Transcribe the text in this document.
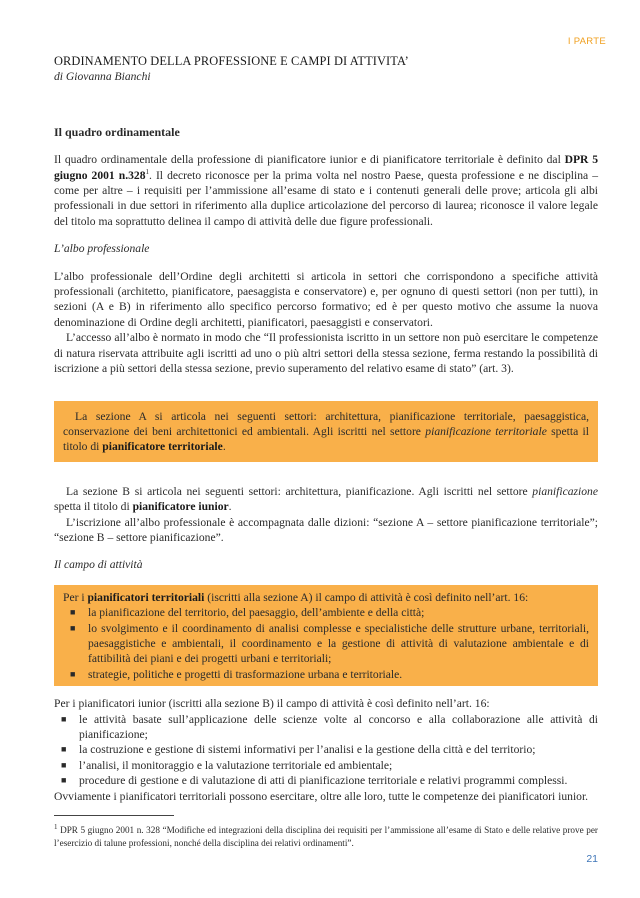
I PARTE
ORDINAMENTO DELLA PROFESSIONE E CAMPI DI ATTIVITA’

di Giovanna Bianchi

Il quadro ordinamentale

Il quadro ordinamentale della professione di pianificatore iunior e di pianificatore territoriale è definito dal DPR 5 giugno 2001 n.328$^1$. Il decreto riconosce per la prima volta nel nostro Paese, questa professione e ne disciplina – come per altre – i requisiti per l’ammissione all’esame di stato e i contenuti generali delle prove; articola gli albi professionali in due settori in riferimento alla duplice articolazione del percorso di laurea; riconosce il valore legale del titolo ma soprattutto delinea il campo di attività delle due figure professionali.

L’albo professionale

L’albo professionale dell’Ordine degli architetti si articola in settori che corrispondono a specifiche attività professionali (architetto, pianificatore, paesaggista e conservatore) e, per ognuno di questi settori (non per tutti), in sezioni (A e B) in riferimento allo specifico percorso formativo; ed è per questo motivo che assume la nuova denominazione di Ordine degli architetti, pianificatori, paesaggisti e conservatori.

L’accesso all’albo è normato in modo che “Il professionista iscritto in un settore non può esercitare le competenze di natura riservata attribuite agli iscritti ad uno o più altri settori della stessa sezione, ferma restando la possibilità di iscrizione a più settori della stessa sezione, previo superamento del relativo esame di stato” (art. 3).

La sezione A si articola nei seguenti settori: architettura, pianificazione territoriale, paesaggistica, conservazione dei beni architettonici ed ambientali. Agli iscritti nel settore pianificazione territoriale spetta il titolo di pianificatore territoriale.

La sezione B si articola nei seguenti settori: architettura, pianificazione. Agli iscritti nel settore pianificazione spetta il titolo di pianificatore iunior.

L’iscrizione all’albo professionale è accompagnata dalle dizioni: “sezione A – settore pianificazione territoriale”; “sezione B – settore pianificazione”.

Il campo di attività

Per i pianificatori territoriali (iscritti alla sezione A) il campo di attività è così definito nell’art. 16:

■ la pianificazione del territorio, del paesaggio, dell’ambiente e della città;
■ lo svolgimento e il coordinamento di analisi complesse e specialistiche delle strutture urbane, territoriali, paesaggistiche e ambientali, il coordinamento e la gestione di attività di valutazione ambientale e di fattibilità dei piani e dei progetti urbani e territoriali;
■ strategie, politiche e progetti di trasformazione urbana e territoriale.

Per i pianificatori iunior (iscritti alla sezione B) il campo di attività è così definito nell’art. 16:

■ le attività basate sull’applicazione delle scienze volte al concorso e alla collaborazione alle attività di pianificazione;
■ la costruzione e gestione di sistemi informativi per l’analisi e la gestione della città e del territorio;
■ l’analisi, il monitoraggio e la valutazione territoriale ed ambientale;
■ procedure di gestione e di valutazione di atti di pianificazione territoriale e relativi programmi complessi.

Ovviamente i pianificatori territoriali possono esercitare, oltre alle loro, tutte le competenze dei pianificatori iunior.

$^1$ DPR 5 giugno 2001 n. 328 “Modifiche ed integrazioni della disciplina dei requisiti per l’ammissione all’esame di Stato e delle relative prove per l’esercizio di talune professioni, nonché della disciplina dei relativi ordinamenti”.
21
